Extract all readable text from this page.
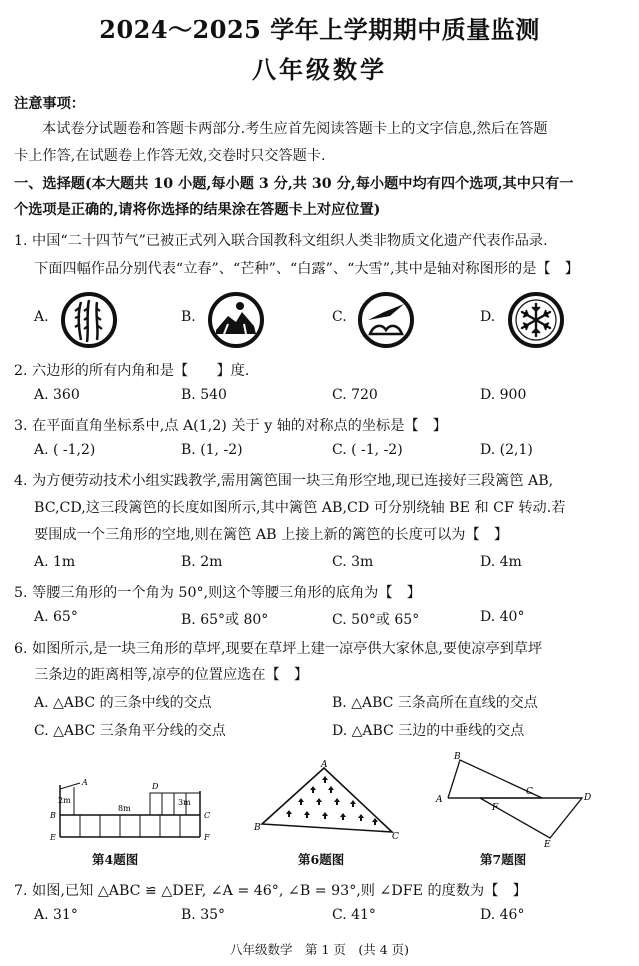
2024～2025 学年上学期期中质量监测
八年级数学
注意事项：
本试卷分试题卷和答题卡两部分.考生应首先阅读答题卡上的文字信息,然后在答题
卡上作答,在试题卷上作答无效,交卷时只交答题卡.
一、选择题(本大题共 10 小题,每小题 3 分,共 30 分,每小题中均有四个选项,其中只有一
个选项是正确的,请将你选择的结果涂在答题卡上对应位置)
1. 中国“二十四节气”已被正式列入联合国教科文组织人类非物质文化遗产代表作品录.
下面四幅作品分别代表“立春”、“芒种”、“白露”、“大雪”,其中是轴对称图形的是【　】
A.	B.	C.	D.
2. 六边形的所有内角和是【　　】度.
A. 360	B. 540	C. 720	D. 900
3. 在平面直角坐标系中,点 A(1,2) 关于 y 轴的对称点的坐标是【　】
A. ( -1,2)	B. (1, -2)	C. ( -1, -2)	D. (2,1)
4. 为方便劳动技术小组实践教学,需用篱笆围一块三角形空地,现已连接好三段篱笆 AB,
BC,CD,这三段篱笆的长度如图所示,其中篱笆 AB,CD 可分别绕轴 BE 和 CF 转动.若
要围成一个三角形的空地,则在篱笆 AB 上接上新的篱笆的长度可以为【　】
A. 1m	B. 2m	C. 3m	D. 4m
5. 等腰三角形的一个角为 50°,则这个等腰三角形的底角为【　】
A. 65°	B. 65°或 80°	C. 50°或 65°	D. 40°
6. 如图所示,是一块三角形的草坪,现要在草坪上建一凉亭供大家休息,要使凉亭到草坪
三条边的距离相等,凉亭的位置应选在【　】
A. △ABC 的三条中线的交点	B. △ABC 三条高所在直线的交点
C. △ABC 三条角平分线的交点	D. △ABC 三边的中垂线的交点
A
B	C
D
E	F
2m
8m
3m
第4题图
A
B
C
第6题图
A
B
C
D
E
F
第7题图
7. 如图,已知 △ABC ≌ △DEF, ∠A = 46°, ∠B = 93°,则 ∠DFE 的度数为【　】
A. 31°	B. 35°	C. 41°	D. 46°
八年级数学　第 1 页　(共 4 页)
